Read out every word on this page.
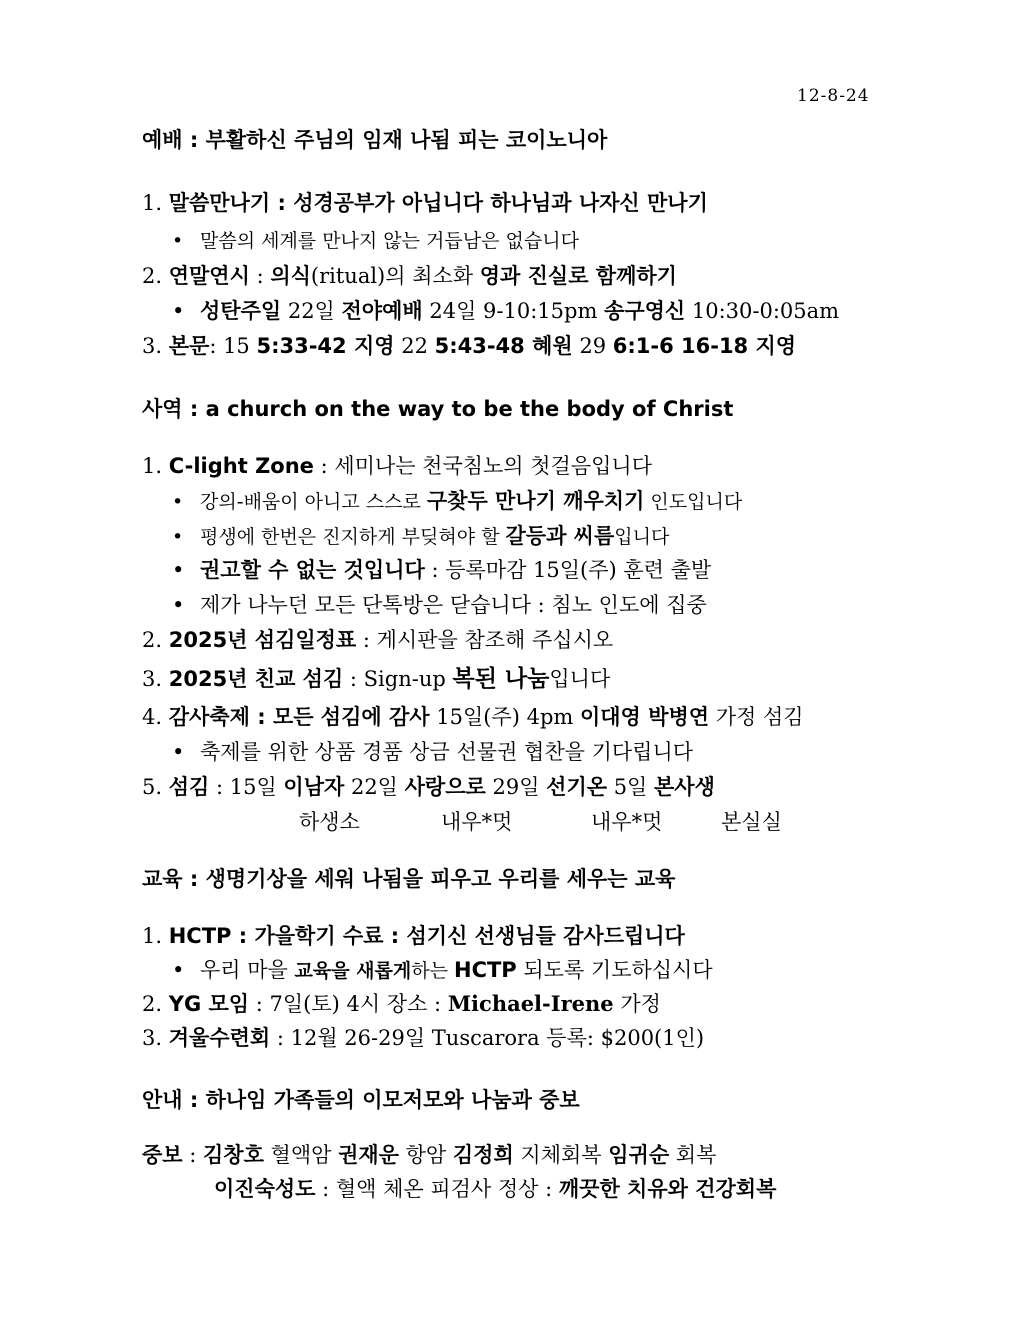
12-8-24
예배 : 부활하신 주님의 임재 나됨 피는 코이노니아
1. 말씀만나기 : 성경공부가 아닙니다 하나님과 나자신 만나기
• 말씀의 세계를 만나지 않는 거듭남은 없습니다
2. 연말연시 : 의식(ritual)의 최소화 영과 진실로 함께하기
• 성탄주일 22일 전야예배 24일 9-10:15pm 송구영신 10:30-0:05am
3. 본문: 15 5:33-42 지영 22 5:43-48 혜원 29 6:1-6 16-18 지영
사역 : a church on the way to be the body of Christ
1. C-light Zone : 세미나는 천국침노의 첫걸음입니다
• 강의-배움이 아니고 스스로 구찾두 만나기 깨우치기 인도입니다
• 평생에 한번은 진지하게 부딪혀야 할 갈등과 씨름입니다
• 권고할 수 없는 것입니다 : 등록마감 15일(주) 훈련 출발
• 제가 나누던 모든 단톡방은 닫습니다 : 침노 인도에 집중
2. 2025년 섬김일정표 : 게시판을 참조해 주십시오
3. 2025년 친교 섬김 : Sign-up 복된 나눔입니다
4. 감사축제 : 모든 섬김에 감사 15일(주) 4pm 이대영 박병연 가정 섬김
• 축제를 위한 상품 경품 상금 선물권 협찬을 기다립니다
5. 섬김 : 15일 이남자 22일 사랑으로 29일 선기온 5일 본사생
하생소	내우*멋	내우*멋	본실실
교육 : 생명기상을 세워 나됨을 피우고 우리를 세우는 교육
1. HCTP : 가을학기 수료 : 섬기신 선생님들 감사드립니다
• 우리 마을 교육을 새롭게하는 HCTP 되도록 기도하십시다
2. YG 모임 : 7일(토) 4시 장소 : Michael-Irene 가정
3. 겨울수련회 : 12월 26-29일 Tuscarora 등록: $200(1인)
안내 : 하나임 가족들의 이모저모와 나눔과 중보
중보 : 김창호 혈액암 권재운 항암 김정희 지체회복 임귀순 회복
이진숙성도 : 혈액 체온 피검사 정상 : 깨끗한 치유와 건강회복
